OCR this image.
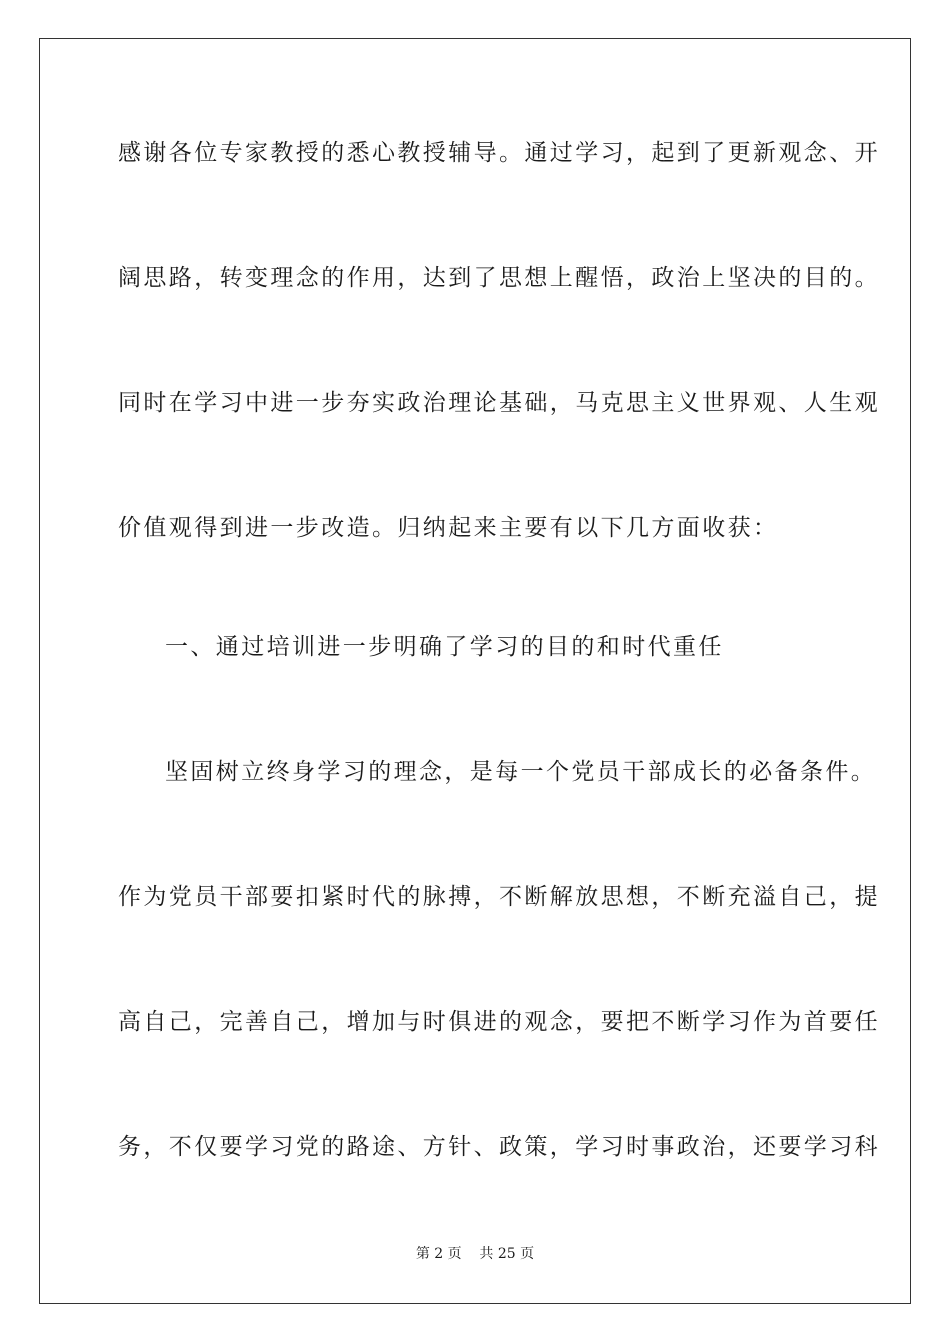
感谢各位专家教授的悉心教授辅导。通过学习，起到了更新观念、开
阔思路，转变理念的作用，达到了思想上醒悟，政治上坚决的目的。
同时在学习中进一步夯实政治理论基础，马克思主义世界观、人生观
价值观得到进一步改造。归纳起来主要有以下几方面收获：
一、通过培训进一步明确了学习的目的和时代重任
坚固树立终身学习的理念，是每一个党员干部成长的必备条件。
作为党员干部要扣紧时代的脉搏，不断解放思想，不断充溢自己，提
高自己，完善自己，增加与时俱进的观念，要把不断学习作为首要任
务，不仅要学习党的路途、方针、政策，学习时事政治，还要学习科
第 2 页    共 25 页
